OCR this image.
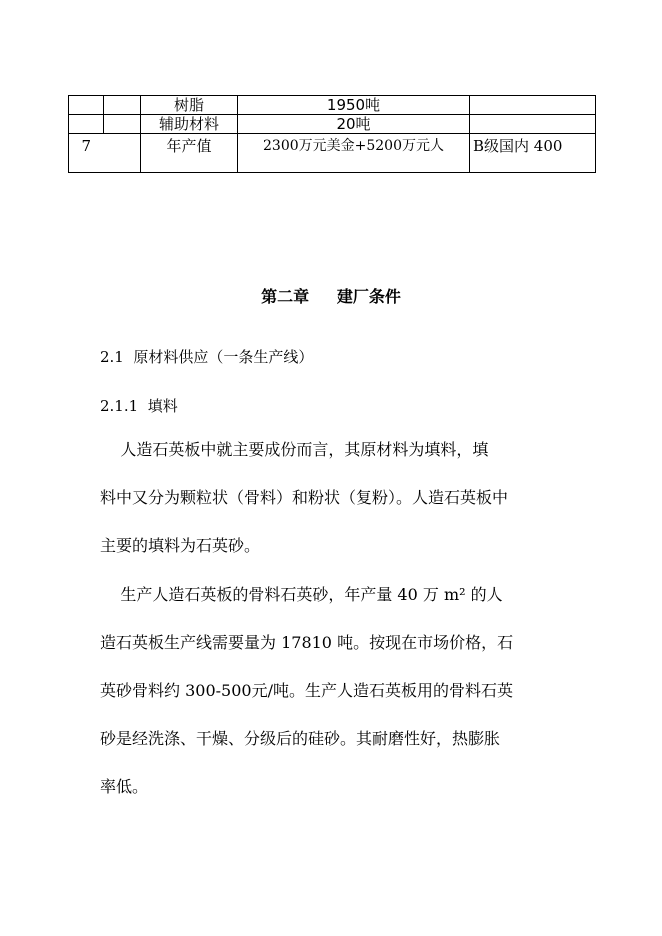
		树脂	1950吨	
		辅助材料	20吨	
7		年产值	2300万元美金+5200万元人	B级国内 400
第二章     建厂条件
2.1  原材料供应（一条生产线）
2.1.1  填料
人造石英板中就主要成份而言，其原材料为填料，填
料中又分为颗粒状（骨料）和粉状（复粉）。人造石英板中
主要的填料为石英砂。
生产人造石英板的骨料石英砂，年产量 40 万 m² 的人
造石英板生产线需要量为 17810 吨。按现在市场价格，石
英砂骨料约 300-500元/吨。生产人造石英板用的骨料石英
砂是经洗涤、干燥、分级后的硅砂。其耐磨性好，热膨胀
率低。
